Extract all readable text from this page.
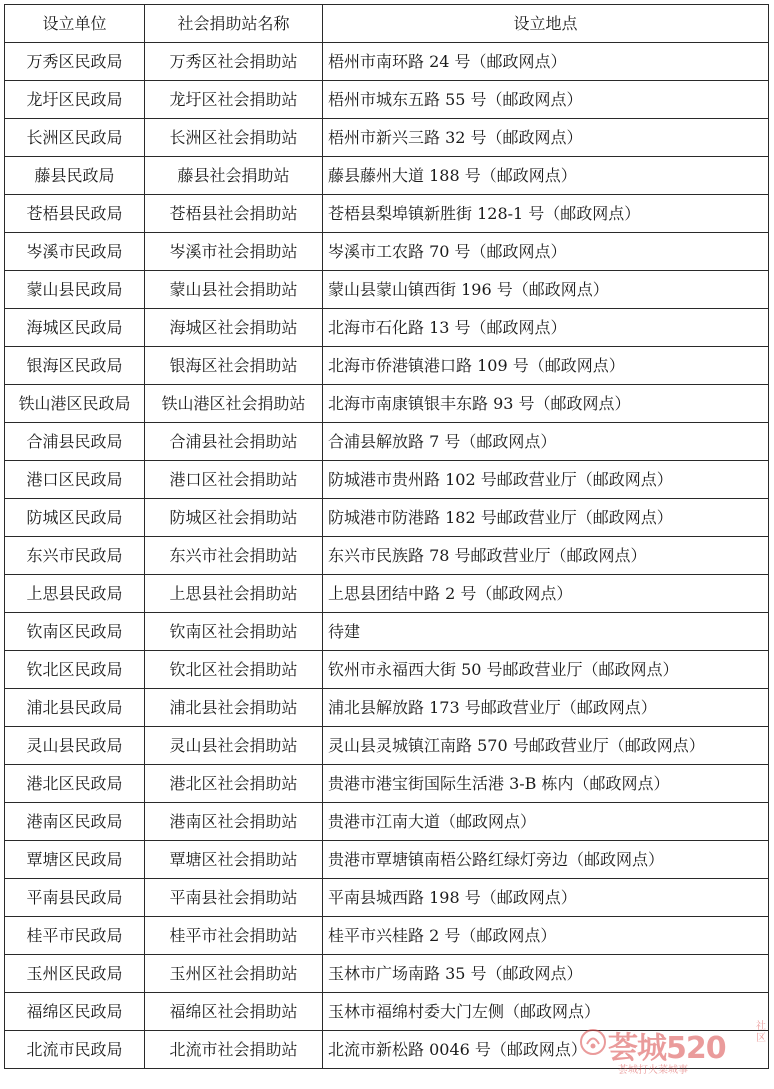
设立单位	社会捐助站名称	设立地点
万秀区民政局	万秀区社会捐助站	梧州市南环路 24 号（邮政网点）
龙圩区民政局	龙圩区社会捐助站	梧州市城东五路 55 号（邮政网点）
长洲区民政局	长洲区社会捐助站	梧州市新兴三路 32 号（邮政网点）
藤县民政局	藤县社会捐助站	藤县藤州大道 188 号（邮政网点）
苍梧县民政局	苍梧县社会捐助站	苍梧县梨埠镇新胜街 128-1 号（邮政网点）
岑溪市民政局	岑溪市社会捐助站	岑溪市工农路 70 号（邮政网点）
蒙山县民政局	蒙山县社会捐助站	蒙山县蒙山镇西街 196 号（邮政网点）
海城区民政局	海城区社会捐助站	北海市石化路 13 号（邮政网点）
银海区民政局	银海区社会捐助站	北海市侨港镇港口路 109 号（邮政网点）
铁山港区民政局	铁山港区社会捐助站	北海市南康镇银丰东路 93 号（邮政网点）
合浦县民政局	合浦县社会捐助站	合浦县解放路 7 号（邮政网点）
港口区民政局	港口区社会捐助站	防城港市贵州路 102 号邮政营业厅（邮政网点）
防城区民政局	防城区社会捐助站	防城港市防港路 182 号邮政营业厅（邮政网点）
东兴市民政局	东兴市社会捐助站	东兴市民族路 78 号邮政营业厅（邮政网点）
上思县民政局	上思县社会捐助站	上思县团结中路 2 号（邮政网点）
钦南区民政局	钦南区社会捐助站	待建
钦北区民政局	钦北区社会捐助站	钦州市永福西大街 50 号邮政营业厅（邮政网点）
浦北县民政局	浦北县社会捐助站	浦北县解放路 173 号邮政营业厅（邮政网点）
灵山县民政局	灵山县社会捐助站	灵山县灵城镇江南路 570 号邮政营业厅（邮政网点）
港北区民政局	港北区社会捐助站	贵港市港宝街国际生活港 3-B 栋内（邮政网点）
港南区民政局	港南区社会捐助站	贵港市江南大道（邮政网点）
覃塘区民政局	覃塘区社会捐助站	贵港市覃塘镇南梧公路红绿灯旁边（邮政网点）
平南县民政局	平南县社会捐助站	平南县城西路 198 号（邮政网点）
桂平市民政局	桂平市社会捐助站	桂平市兴桂路 2 号（邮政网点）
玉州区民政局	玉州区社会捐助站	玉林市广场南路 35 号（邮政网点）
福绵区民政局	福绵区社会捐助站	玉林市福绵村委大门左侧（邮政网点）
北流市民政局	北流市社会捐助站	北流市新松路 0046 号（邮政网点） 荟城520
社区
荟城打火菜城事
